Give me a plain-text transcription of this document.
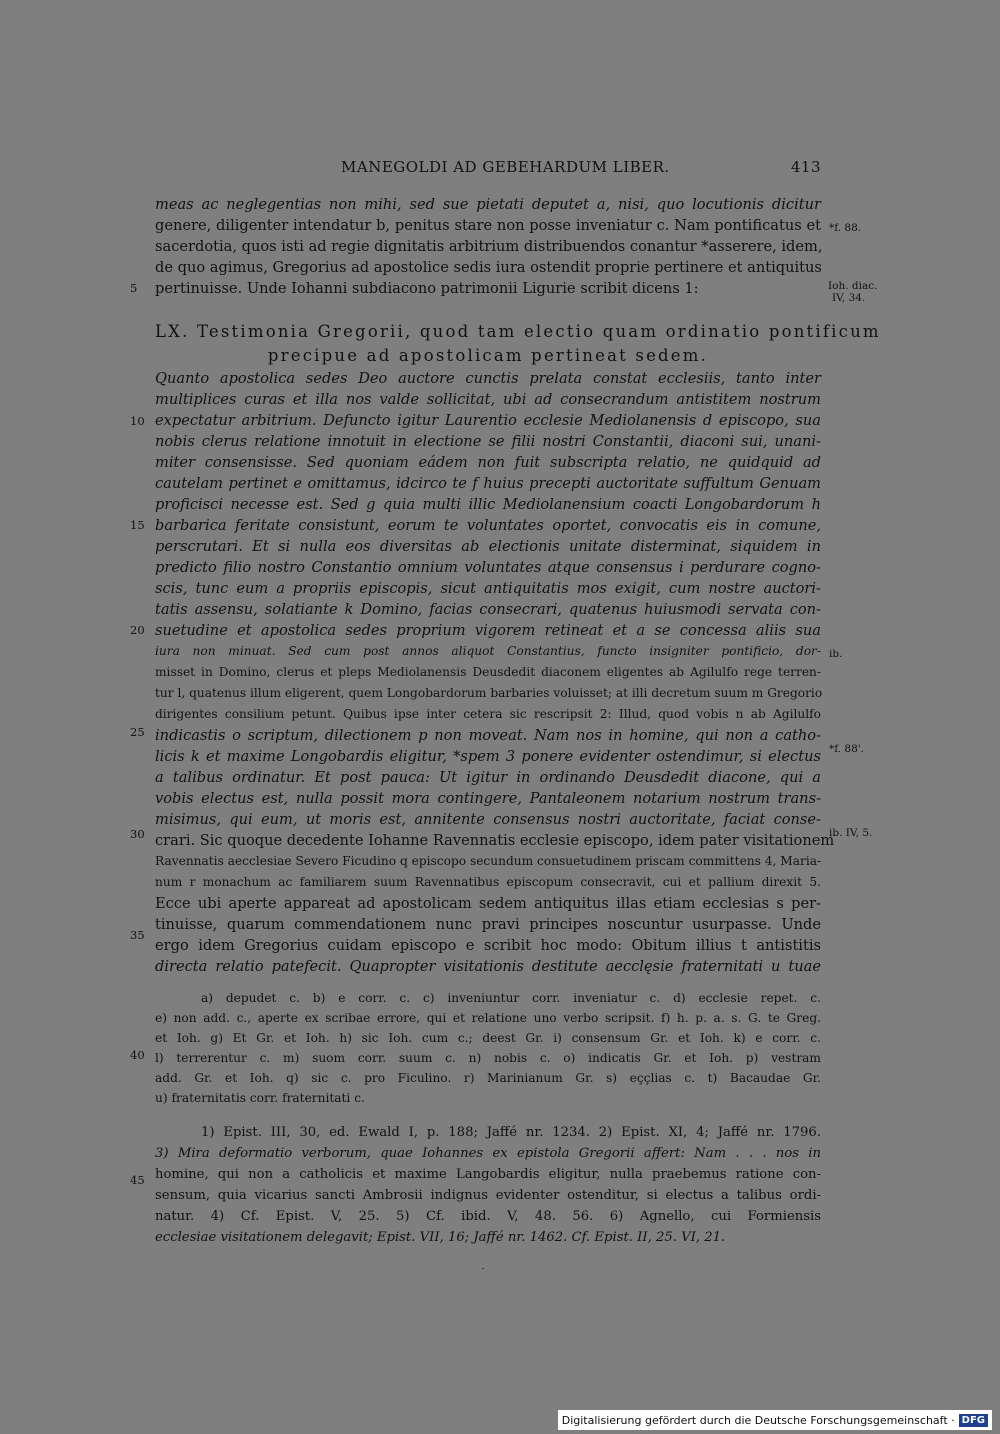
MANEGOLDI AD GEBEHARDUM LIBER.	413
meas ac neglegentias non mihi, sed sue pietati deputet a, nisi, quo locutionis dicitur
genere, diligenter intendatur b, penitus stare non posse inveniatur c. Nam pontificatus et
sacerdotia, quos isti ad regie dignitatis arbitrium distribuendos conantur *asserere, idem,
de quo agimus, Gregorius ad apostolice sedis iura ostendit proprie pertinere et antiquitus
pertinuisse. Unde Iohanni subdiacono patrimonii Ligurie scribit dicens 1:
LX. Testimonia Gregorii, quod tam electio quam ordinatio pontificum
precipue ad apostolicam pertineat sedem.
Quanto apostolica sedes Deo auctore cunctis prelata constat ecclesiis, tanto inter
multiplices curas et illa nos valde sollicitat, ubi ad consecrandum antistitem nostrum
expectatur arbitrium. Defuncto igitur Laurentio ecclesie Mediolanensis d episcopo, sua
nobis clerus relatione innotuit in electione se filii nostri Constantii, diaconi sui, unani-
miter consensisse. Sed quoniam eádem non fuit subscripta relatio, ne quidquid ad
cautelam pertinet e omittamus, idcirco te f huius precepti auctoritate suffultum Genuam
proficisci necesse est. Sed g quia multi illic Mediolanensium coacti Longobardorum h
barbarica feritate consistunt, eorum te voluntates oportet, convocatis eis in comune,
perscrutari. Et si nulla eos diversitas ab electionis unitate disterminat, siquidem in
predicto filio nostro Constantio omnium voluntates atque consensus i perdurare cogno-
scis, tunc eum a propriis episcopis, sicut antiquitatis mos exigit, cum nostre auctori-
tatis assensu, solatiante k Domino, facias consecrari, quatenus huiusmodi servata con-
suetudine et apostolica sedes proprium vigorem retineat et a se concessa aliis sua
iura non minuat. Sed cum post annos aliquot Constantius, functo insigniter pontificio, dor-
misset in Domino, clerus et pleps Mediolanensis Deusdedit diaconem eligentes ab Agilulfo rege terren-
tur l, quatenus illum eligerent, quem Longobardorum barbaries voluisset; at illi decretum suum m Gregorio
dirigentes consilium petunt. Quibus ipse inter cetera sic rescripsit 2: Illud, quod vobis n ab Agilulfo
indicastis o scriptum, dilectionem p non moveat. Nam nos in homine, qui non a catho-
licis k et maxime Longobardis eligitur, *spem 3 ponere evidenter ostendimur, si electus
a talibus ordinatur. Et post pauca: Ut igitur in ordinando Deusdedit diacone, qui a
vobis electus est, nulla possit mora contingere, Pantaleonem notarium nostrum trans-
misimus, qui eum, ut moris est, annitente consensus nostri auctoritate, faciat conse-
crari. Sic quoque decedente Iohanne Ravennatis ecclesie episcopo, idem pater visitationem
Ravennatis aecclesiae Severo Ficudino q episcopo secundum consuetudinem priscam committens 4, Maria-
num r monachum ac familiarem suum Ravennatibus episcopum consecravit, cui et pallium direxit 5.
Ecce ubi aperte appareat ad apostolicam sedem antiquitus illas etiam ecclesias s per-
tinuisse, quarum commendationem nunc pravi principes noscuntur usurpasse. Unde
ergo idem Gregorius cuidam episcopo e scribit hoc modo: Obitum illius t antistitis
directa relatio patefecit. Quapropter visitationis destitute aecclęsie fraternitati u tuae
5
10
15
20
25
30
35
40
45
*f. 88.
Ioh. diac.
IV, 34.
ib.
*f. 88'.
ib. IV, 5.
a) depudet c. b) e corr. c. c) inveniuntur corr. inveniatur c. d) ecclesie repet. c.
e) non add. c., aperte ex scribae errore, qui et relatione uno verbo scripsit. f) h. p. a. s. G. te Greg.
et Ioh. g) Et Gr. et Ioh. h) sic Ioh. cum c.; deest Gr. i) consensum Gr. et Ioh. k) e corr. c.
l) terrerentur c. m) suom corr. suum c. n) nobis c. o) indicatis Gr. et Ioh. p) vestram
add. Gr. et Ioh. q) sic c. pro Ficulino. r) Marinianum Gr. s) eççlias c. t) Bacaudae Gr.
u) fraternitatis corr. fraternitati c.
1) Epist. III, 30, ed. Ewald I, p. 188; Jaffé nr. 1234. 2) Epist. XI, 4; Jaffé nr. 1796.
3) Mira deformatio verborum, quae Iohannes ex epistola Gregorii affert: Nam . . . nos in
homine, qui non a catholicis et maxime Langobardis eligitur, nulla praebemus ratione con-
sensum, quia vicarius sancti Ambrosii indignus evidenter ostenditur, si electus a talibus ordi-
natur. 4) Cf. Epist. V, 25. 5) Cf. ibid. V, 48. 56. 6) Agnello, cui Formiensis
ecclesiae visitationem delegavit; Epist. VII, 16; Jaffé nr. 1462. Cf. Epist. II, 25. VI, 21.
Digitalisierung gefördert durch die Deutsche Forschungsgemeinschaft · DFG
